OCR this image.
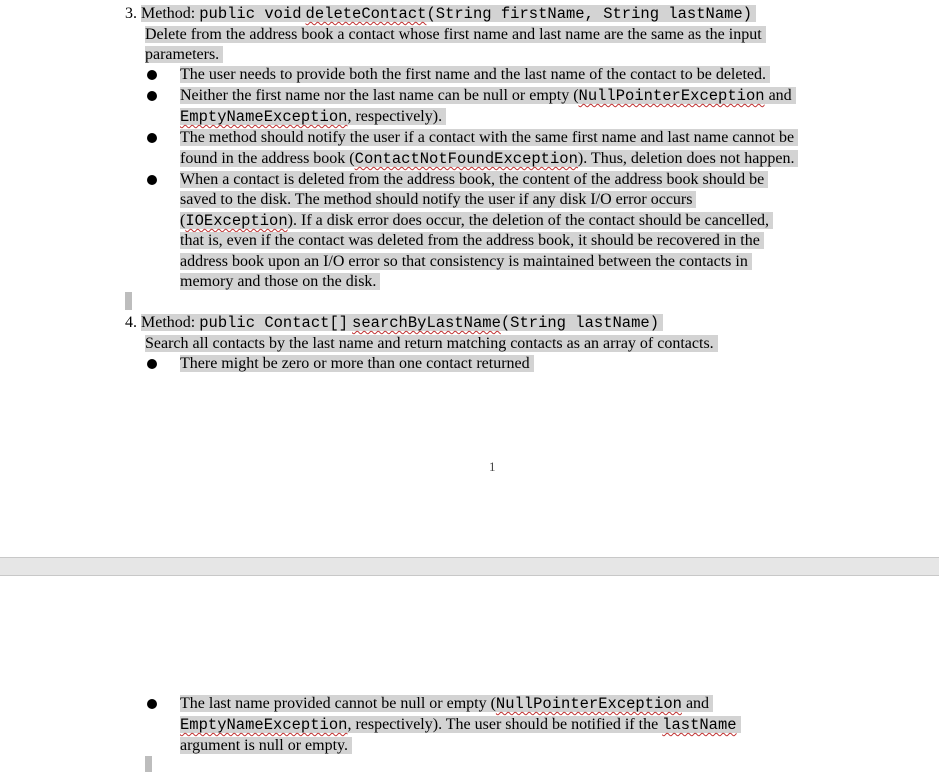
3. Method: public void deleteContact(String firstName, String lastName)
Delete from the address book a contact whose first name and last name are the same as the input
parameters.
The user needs to provide both the first name and the last name of the contact to be deleted.
Neither the first name nor the last name can be null or empty (NullPointerException and
EmptyNameException, respectively).
The method should notify the user if a contact with the same first name and last name cannot be
found in the address book (ContactNotFoundException). Thus, deletion does not happen.
When a contact is deleted from the address book, the content of the address book should be
saved to the disk. The method should notify the user if any disk I/O error occurs
(IOException). If a disk error does occur, the deletion of the contact should be cancelled,
that is, even if the contact was deleted from the address book, it should be recovered in the
address book upon an I/O error so that consistency is maintained between the contacts in
memory and those on the disk.
4. Method: public Contact[] searchByLastName(String lastName)
Search all contacts by the last name and return matching contacts as an array of contacts.
There might be zero or more than one contact returned
1
The last name provided cannot be null or empty (NullPointerException and
EmptyNameException, respectively). The user should be notified if the lastName
argument is null or empty.
